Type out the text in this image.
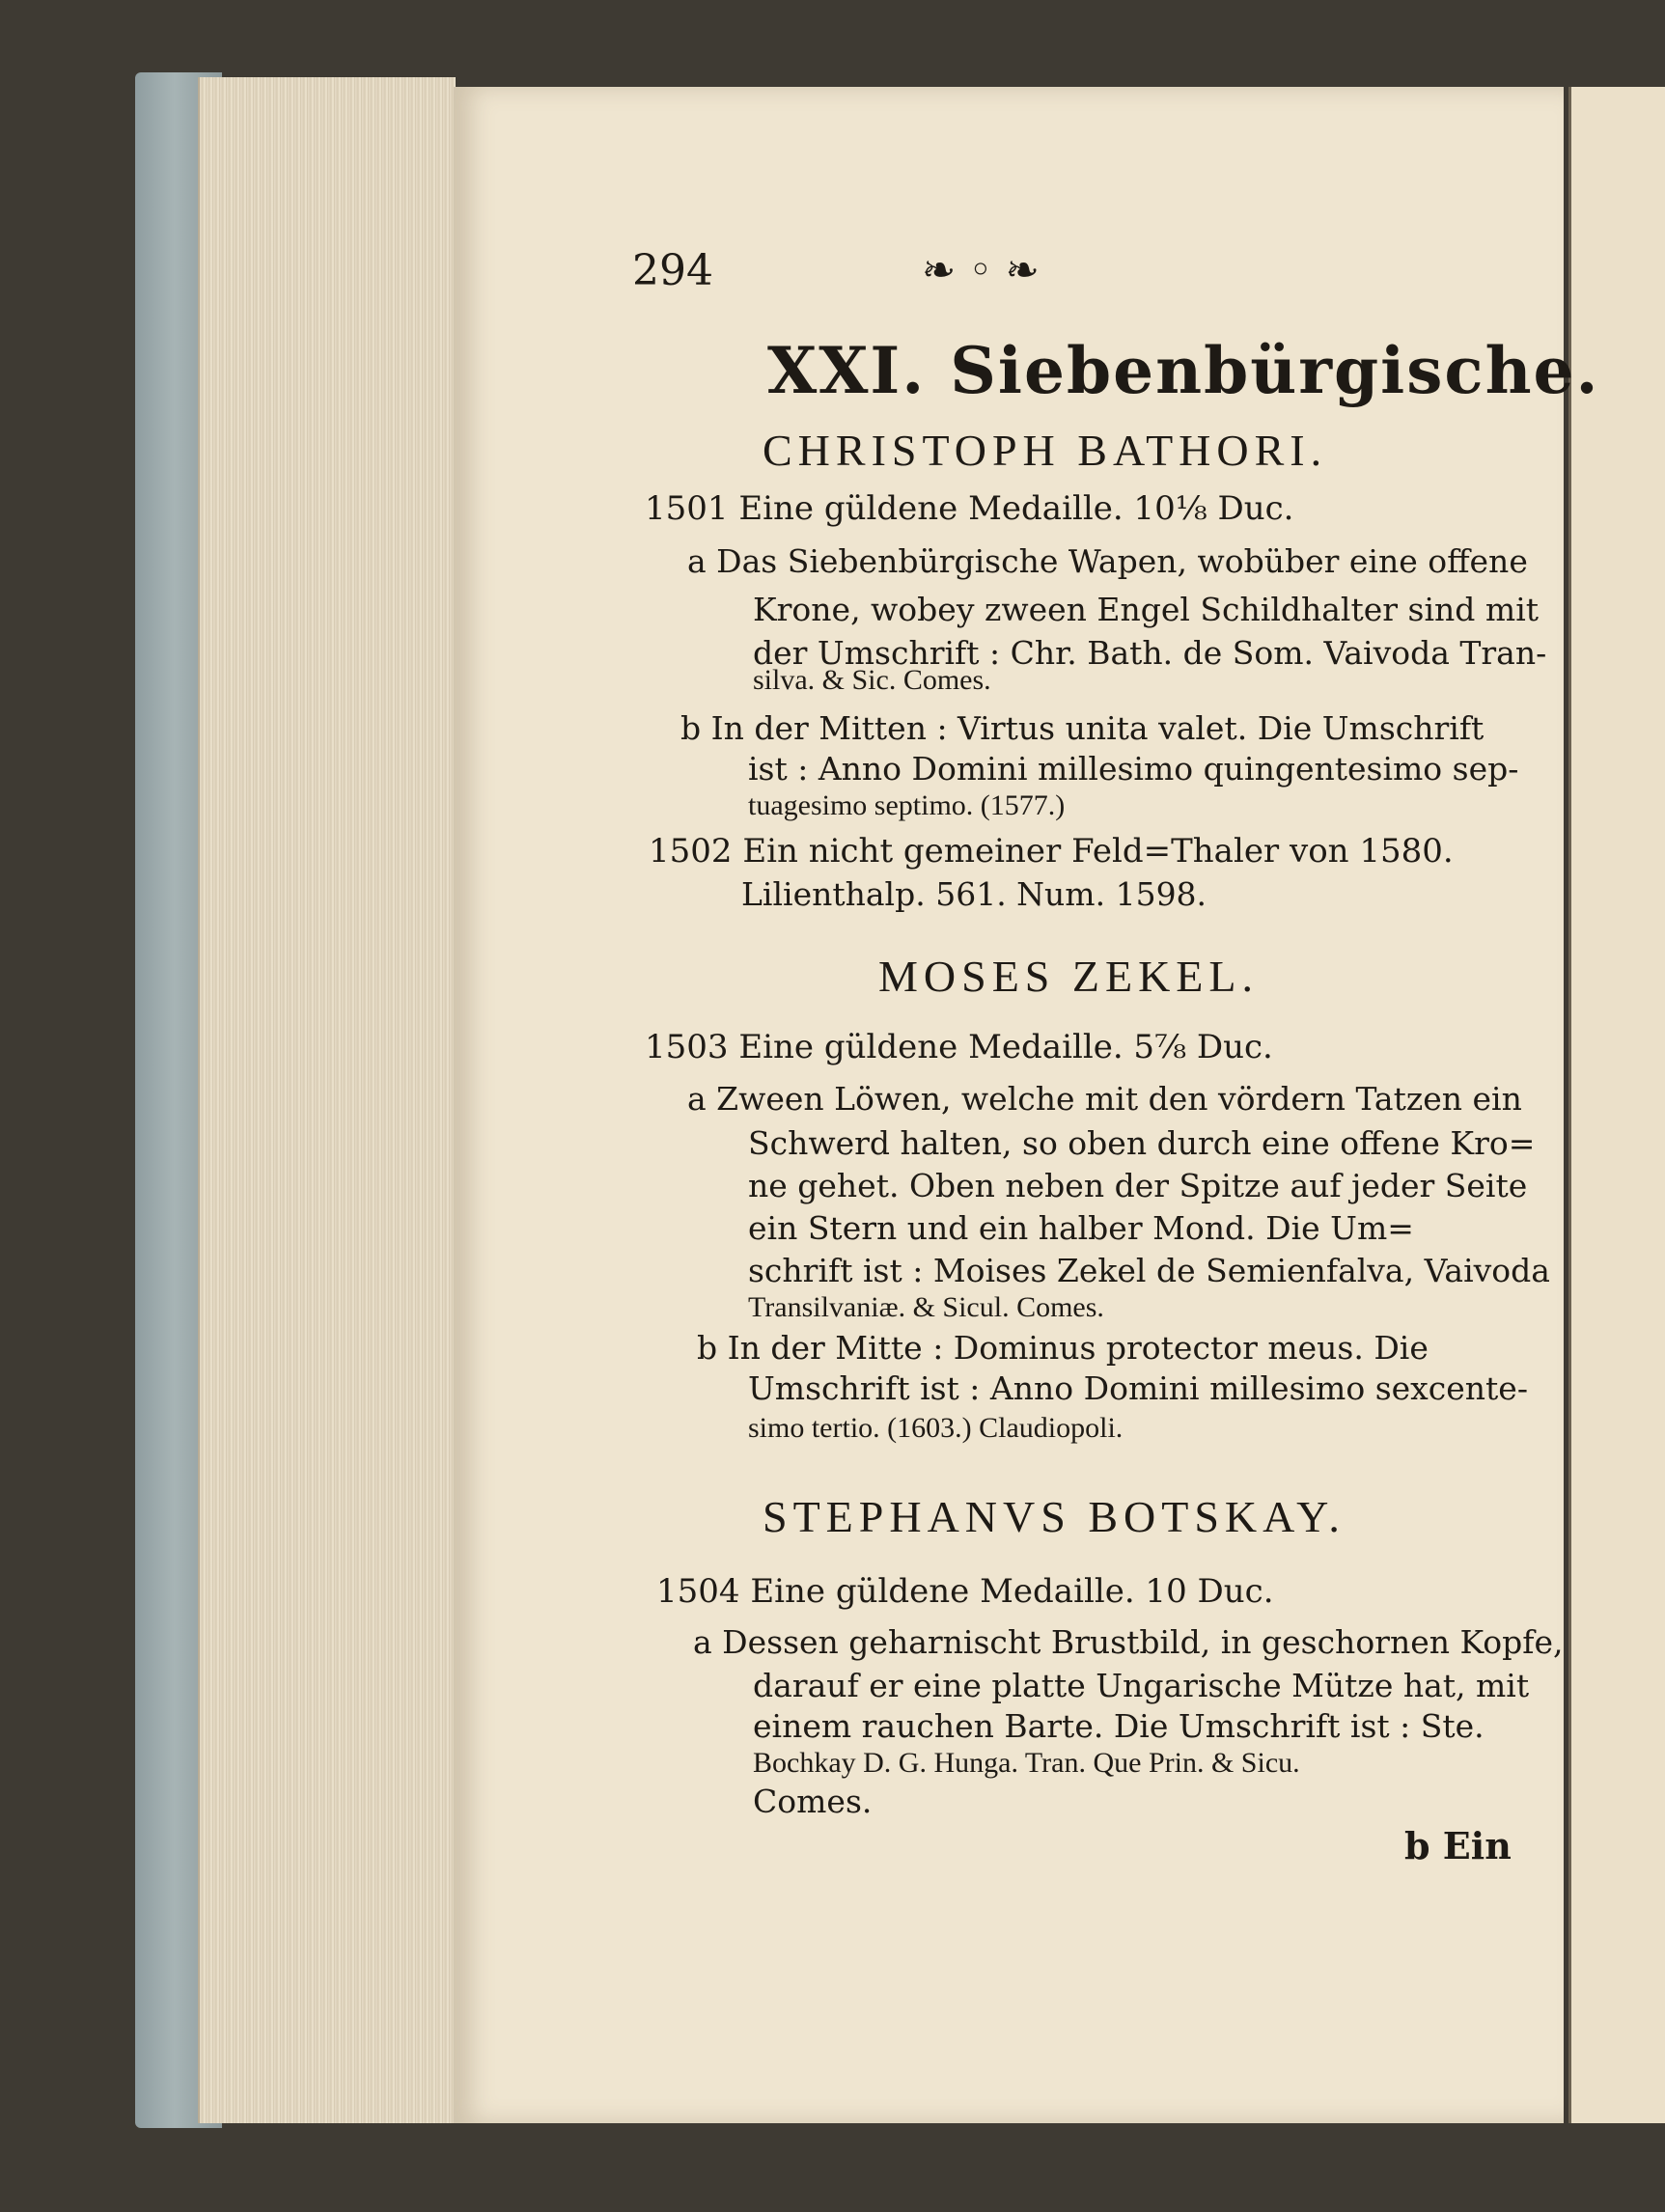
294	❧ ◦ ❧
XXI. Siebenbürgische.
CHRISTOPH BATHORI.
1501 Eine güldene Medaille. 10⅛ Duc.
a Das Siebenbürgische Wapen, wobüber eine offene
Krone, wobey zween Engel Schildhalter sind mit
der Umschrift : Chr. Bath. de Som. Vaivoda Tran-
silva. & Sic. Comes.
b In der Mitten : Virtus unita valet. Die Umschrift
ist : Anno Domini millesimo quingentesimo sep-
tuagesimo septimo. (1577.)
1502 Ein nicht gemeiner Feld=Thaler von 1580.
Lilienthalp. 561. Num. 1598.
MOSES ZEKEL.
1503 Eine güldene Medaille. 5⅞ Duc.
a Zween Löwen, welche mit den vördern Tatzen ein
Schwerd halten, so oben durch eine offene Kro=
ne gehet. Oben neben der Spitze auf jeder Seite
ein Stern und ein halber Mond. Die Um=
schrift ist : Moises Zekel de Semienfalva, Vaivoda
Transilvaniæ. & Sicul. Comes.
b In der Mitte : Dominus protector meus. Die
Umschrift ist : Anno Domini millesimo sexcente-
simo tertio. (1603.) Claudiopoli.
STEPHANVS BOTSKAY.
1504 Eine güldene Medaille. 10 Duc.
a Dessen geharnischt Brustbild, in geschornen Kopfe,
darauf er eine platte Ungarische Mütze hat, mit
einem rauchen Barte. Die Umschrift ist : Ste.
Bochkay D. G. Hunga. Tran. Que Prin. & Sicu.
Comes.
b Ein
